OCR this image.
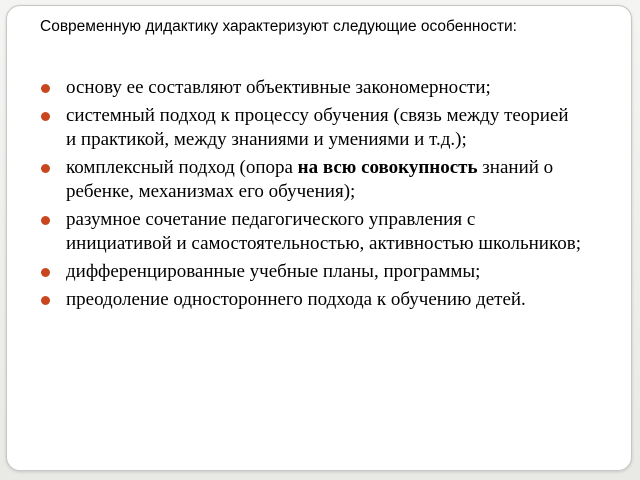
Современную дидактику характеризуют следующие особенности:
основу ее составляют объективные закономерности;
системный подход к процессу обучения (связь между теорией и практикой, между знаниями и умениями и т.д.);
комплексный подход (опора на всю совокупность знаний о ребенке, механизмах его обучения);
разумное сочетание педагогического управления с инициативой и самостоятельностью, активностью школьников;
дифференцированные учебные планы, программы;
преодоление одностороннего подхода к обучению детей.
